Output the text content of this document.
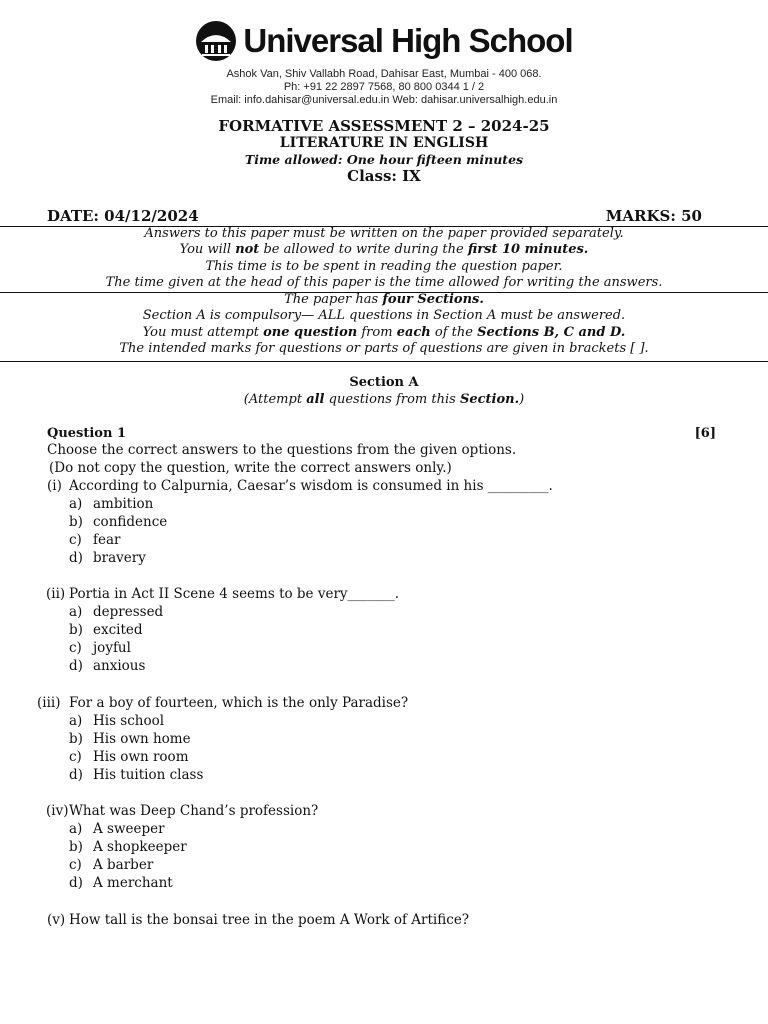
Universal High School
Ashok Van, Shiv Vallabh Road, Dahisar East, Mumbai - 400 068.
Ph: +91 22 2897 7568, 80 800 0344 1 / 2
Email: info.dahisar@universal.edu.in Web: dahisar.universalhigh.edu.in
FORMATIVE ASSESSMENT 2 – 2024-25
LITERATURE IN ENGLISH
Time allowed: One hour fifteen minutes
Class: IX
DATE: 04/12/2024	MARKS: 50
Answers to this paper must be written on the paper provided separately.
You will not be allowed to write during the first 10 minutes.
This time is to be spent in reading the question paper.
The time given at the head of this paper is the time allowed for writing the answers.
The paper has four Sections.
Section A is compulsory— ALL questions in Section A must be answered.
You must attempt one question from each of the Sections B, C and D.
The intended marks for questions or parts of questions are given in brackets [ ].
Section A
(Attempt all questions from this Section.)
Question 1	[6]
Choose the correct answers to the questions from the given options.
(Do not copy the question, write the correct answers only.)
(i) According to Calpurnia, Caesar’s wisdom is consumed in his _________.
a) ambition
b) confidence
c) fear
d) bravery
(ii) Portia in Act II Scene 4 seems to be very_______.
a) depressed
b) excited
c) joyful
d) anxious
(iii) For a boy of fourteen, which is the only Paradise?
a) His school
b) His own home
c) His own room
d) His tuition class
(iv) What was Deep Chand’s profession?
a) A sweeper
b) A shopkeeper
c) A barber
d) A merchant
(v) How tall is the bonsai tree in the poem A Work of Artifice?
